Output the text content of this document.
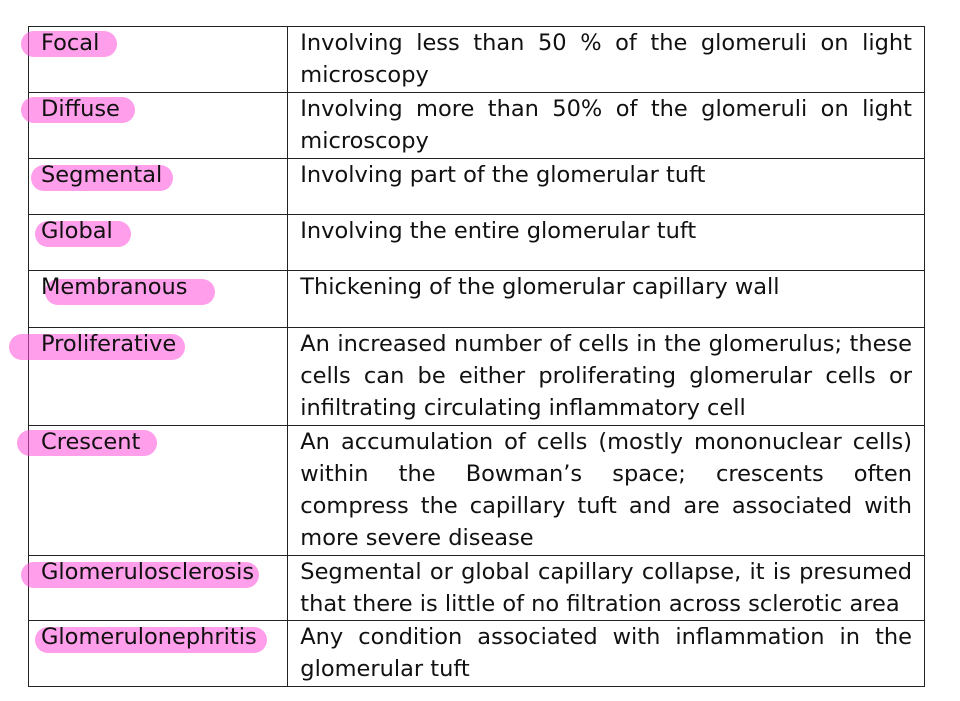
Focal	Involving less than 50 % of the glomeruli on light microscopy

Diffuse	Involving more than 50% of the glomeruli on light microscopy

Segmental	Involving part of the glomerular tuft

Global	Involving the entire glomerular tuft

Membranous	Thickening of the glomerular capillary wall

Proliferative	An increased number of cells in the glomerulus; these cells can be either proliferating glomerular cells or infiltrating circulating inflammatory cell

Crescent	An accumulation of cells (mostly mononuclear cells) within the Bowman’s space; crescents often compress the capillary tuft and are associated with more severe disease

Glomerulosclerosis	Segmental or global capillary collapse, it is presumed that there is little of no filtration across sclerotic area

Glomerulonephritis	Any condition associated with inflammation in the glomerular tuft
